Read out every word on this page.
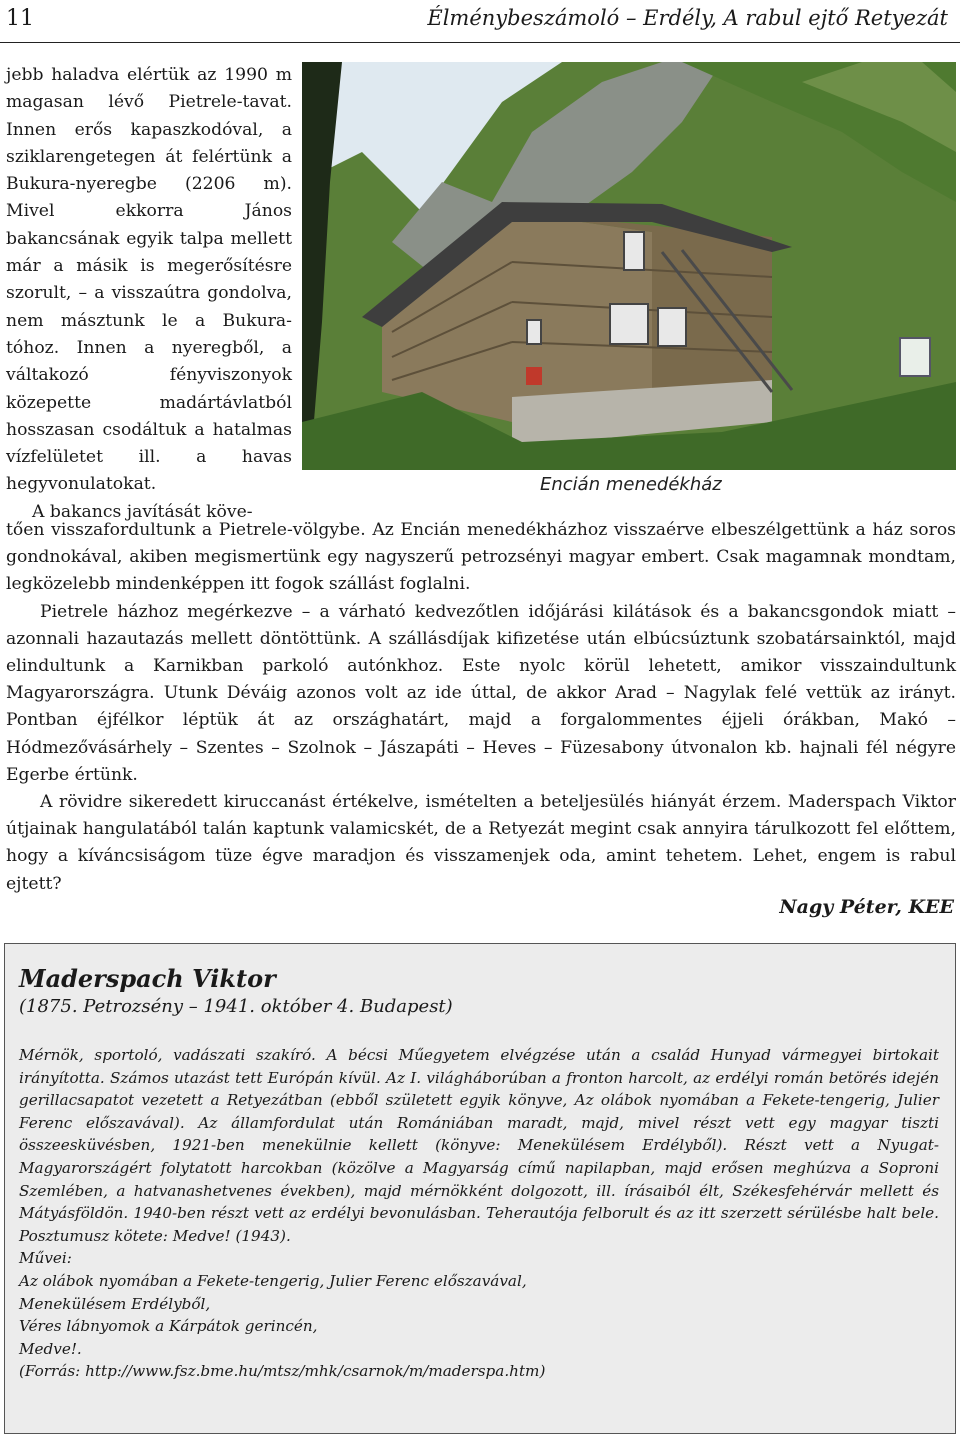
11	Élménybeszámoló – Erdély, A rabul ejtő Retyezát
Encián menedékház

jebb haladva elértük az 1990 m magasan lévő Pietrele-tavat. Innen erős kapaszkodóval, a sziklarengetegen át felértünk a Bukura-nyeregbe (2206 m). Mivel ekkorra János bakancsának egyik talpa mellett már a másik is megerősítésre szorult, – a visszaútra gondolva, nem másztunk le a Bukura-tóhoz. Innen a nyeregből, a váltakozó fényviszonyok közepette madártávlatból hosszasan csodáltuk a hatalmas vízfelületet ill. a havas hegyvonulatokat.

A bakancs javítását köve-

tően visszafordultunk a Pietrele-völgybe. Az Encián menedékházhoz visszaérve elbeszélgettünk a ház soros gondnokával, akiben megismertünk egy nagyszerű petrozsényi magyar embert. Csak magamnak mondtam, legközelebb mindenképpen itt fogok szállást foglalni.

Pietrele házhoz megérkezve – a várható kedvezőtlen időjárási kilátások és a bakancsgondok miatt – azonnali hazautazás mellett döntöttünk. A szállásdíjak kifizetése után elbúcsúztunk szobatársainktól, majd elindultunk a Karnikban parkoló autónkhoz. Este nyolc körül lehetett, amikor visszaindultunk Magyarországra. Utunk Déváig azonos volt az ide úttal, de akkor Arad – Nagylak felé vettük az irányt. Pontban éjfélkor léptük át az országhatárt, majd a forgalommentes éjjeli órákban, Makó – Hódmezővásárhely – Szentes – Szolnok – Jászapáti – Heves – Füzesabony útvonalon kb. hajnali fél négyre Egerbe értünk.

A rövidre sikeredett kiruccanást értékelve, ismételten a beteljesülés hiányát érzem. Maderspach Viktor útjainak hangulatából talán kaptunk valamicskét, de a Retyezát megint csak annyira tárulkozott fel előttem, hogy a kíváncsiságom tüze égve maradjon és visszamenjek oda, amint tehetem. Lehet, engem is rabul ejtett?

Nagy Péter, KEE
Maderspach Viktor
(1875. Petrozsény – 1941. október 4. Budapest)

Mérnök, sportoló, vadászati szakíró. A bécsi Műegyetem elvégzése után a család Hunyad vármegyei birtokait irányította. Számos utazást tett Európán kívül. Az I. világháborúban a fronton harcolt, az erdélyi román betörés idején gerillacsapatot vezetett a Retyezátban (ebből született egyik könyve, Az olábok nyomában a Fekete-tengerig, Julier Ferenc előszavával). Az államfordulat után Romániában maradt, majd, mivel részt vett egy magyar tiszti összeesküvésben, 1921-ben menekülnie kellett (könyve: Menekülésem Erdélyből). Részt vett a Nyugat-Magyarországért folytatott harcokban (közölve a Magyarság című napilapban, majd erősen meghúzva a Soproni Szemlében, a hatvanashetvenes években), majd mérnökként dolgozott, ill. írásaiból élt, Székesfehérvár mellett és Mátyásföldön. 1940-ben részt vett az erdélyi bevonulásban. Teherautója felborult és az itt szerzett sérülésbe halt bele. Posztumusz kötete: Medve! (1943).

Művei:

Az olábok nyomában a Fekete-tengerig, Julier Ferenc előszavával,
Menekülésem Erdélyből,
Véres lábnyomok a Kárpátok gerincén,
Medve!.

(Forrás: http://www.fsz.bme.hu/mtsz/mhk/csarnok/m/maderspa.htm)
